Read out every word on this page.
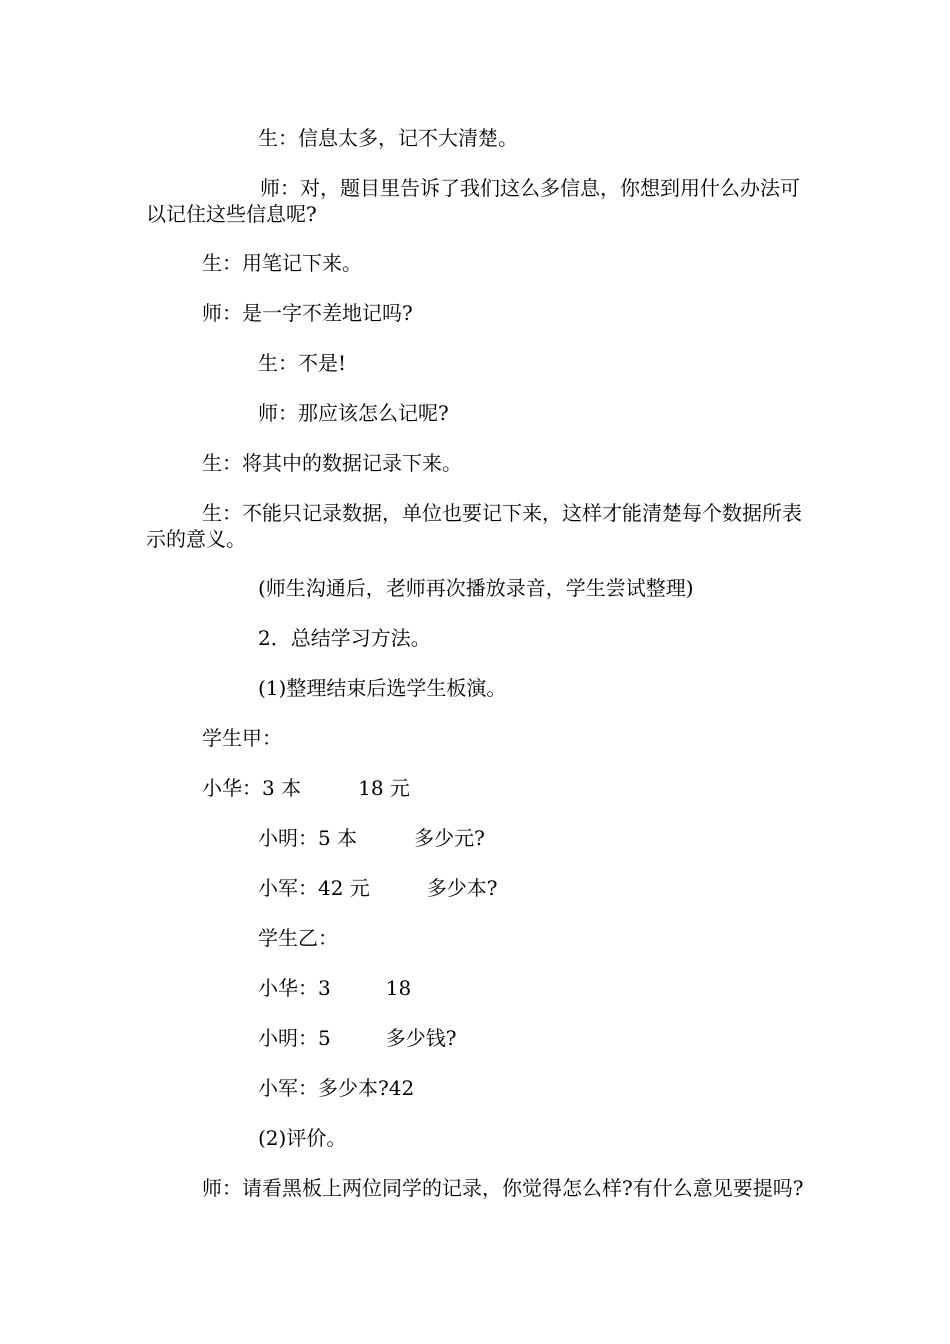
生：信息太多，记不大清楚。
师：对，题目里告诉了我们这么多信息，你想到用什么办法可以记住这些信息呢?
生：用笔记下来。
师：是一字不差地记吗?
生：不是!
师：那应该怎么记呢?
生：将其中的数据记录下来。
生：不能只记录数据，单位也要记下来，这样才能清楚每个数据所表示的意义。
(师生沟通后，老师再次播放录音，学生尝试整理)
2．总结学习方法。
(1)整理结束后选学生板演。
学生甲：
小华：3 本	18 元
小明：5 本	多少元?
小军：42 元	多少本?
学生乙：
小华：3	18
小明：5	多少钱?
小军：多少本?42
(2)评价。
师：请看黑板上两位同学的记录，你觉得怎么样?有什么意见要提吗?
